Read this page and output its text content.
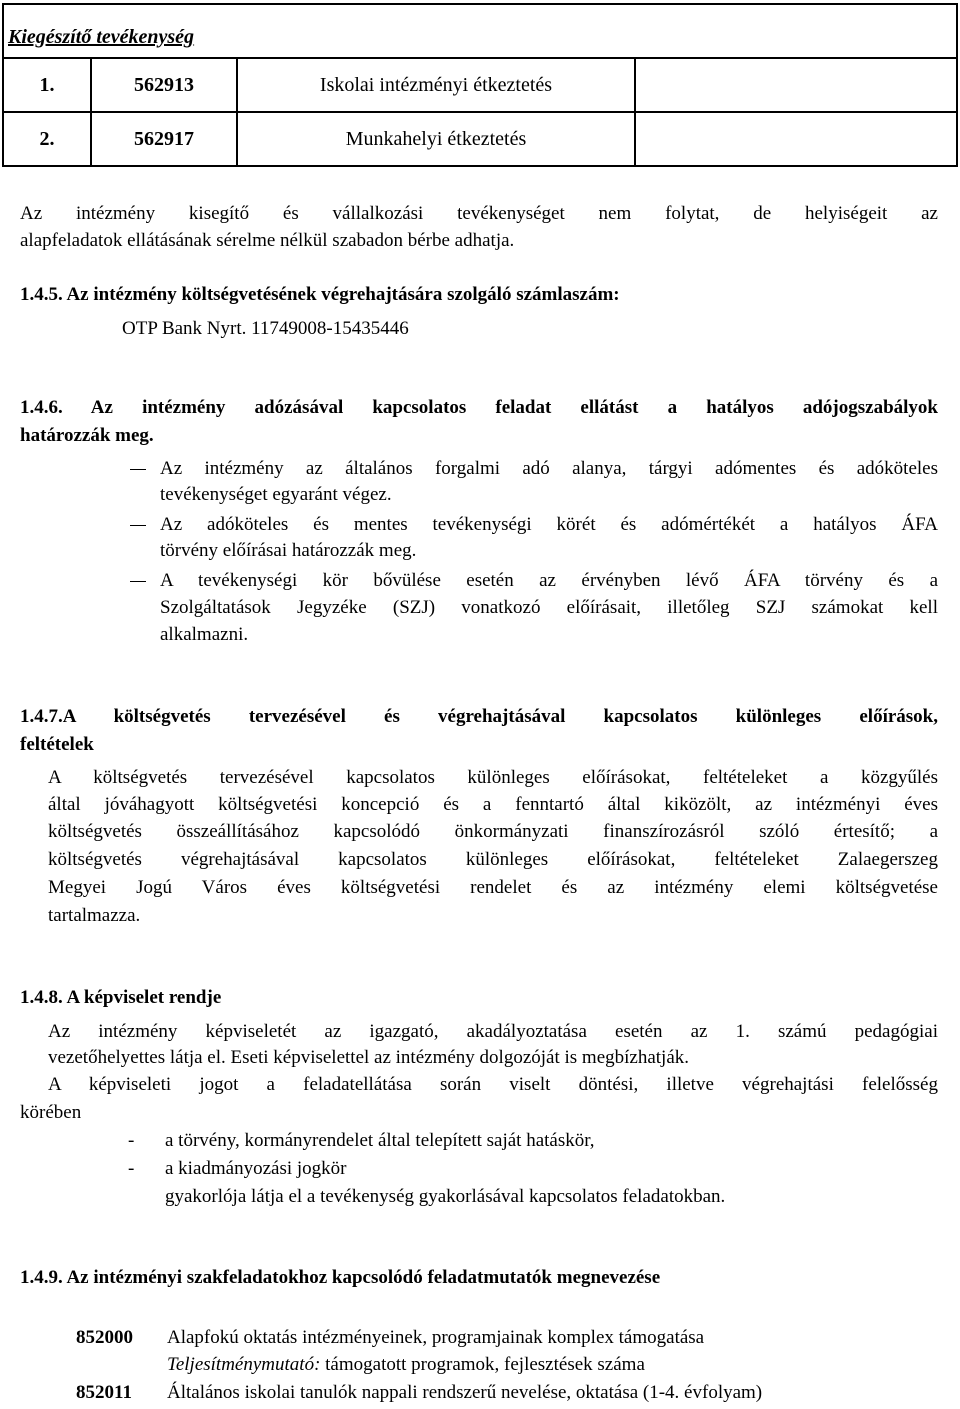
Kiegészítő tevékenység			

1.	562913	Iskolai intézményi étkeztetés	
2.	562917	Munkahelyi étkeztetés	
Az intézmény kisegítő és vállalkozási tevékenységet nem folytat, de helyiségeit az
alapfeladatok ellátásának sérelme nélkül szabadon bérbe adhatja.
1.4.5. Az intézmény költségvetésének végrehajtására szolgáló számlaszám:
OTP Bank Nyrt. 11749008-15435446
1.4.6. Az intézmény adózásával kapcsolatos feladat ellátást a hatályos adójogszabályok
határozzák meg.
Az intézmény az általános forgalmi adó alanya, tárgyi adómentes és adóköteles
tevékenységet egyaránt végez.
Az adóköteles és mentes tevékenységi körét és adómértékét a hatályos ÁFA
törvény előírásai határozzák meg.
A tevékenységi kör bővülése esetén az érvényben lévő ÁFA törvény és a
Szolgáltatások Jegyzéke (SZJ) vonatkozó előírásait, illetőleg SZJ számokat kell
alkalmazni.
1.4.7.A költségvetés tervezésével és végrehajtásával kapcsolatos különleges előírások,
feltételek
A költségvetés tervezésével kapcsolatos különleges előírásokat, feltételeket a közgyűlés
által jóváhagyott költségvetési koncepció és a fenntartó által kiközölt, az intézményi éves
költségvetés összeállításához kapcsolódó önkormányzati finanszírozásról szóló értesítő; a
költségvetés végrehajtásával kapcsolatos különleges előírásokat, feltételeket Zalaegerszeg
Megyei Jogú Város éves költségvetési rendelet és az intézmény elemi költségvetése
tartalmazza.
1.4.8. A képviselet rendje
Az intézmény képviseletét az igazgató, akadályoztatása esetén az 1. számú pedagógiai
vezetőhelyettes látja el. Eseti képviselettel az intézmény dolgozóját is megbízhatják.
A képviseleti jogot a feladatellátása során viselt döntési, illetve végrehajtási felelősség
körében
- a törvény, kormányrendelet által telepített saját hatáskör,
- a kiadmányozási jogkör
gyakorlója látja el a tevékenység gyakorlásával kapcsolatos feladatokban.
1.4.9. Az intézményi szakfeladatokhoz kapcsolódó feladatmutatók megnevezése
852000 Alapfokú oktatás intézményeinek, programjainak komplex támogatása
Teljesítménymutató: támogatott programok, fejlesztések száma
852011 Általános iskolai tanulók nappali rendszerű nevelése, oktatása (1-4. évfolyam)
